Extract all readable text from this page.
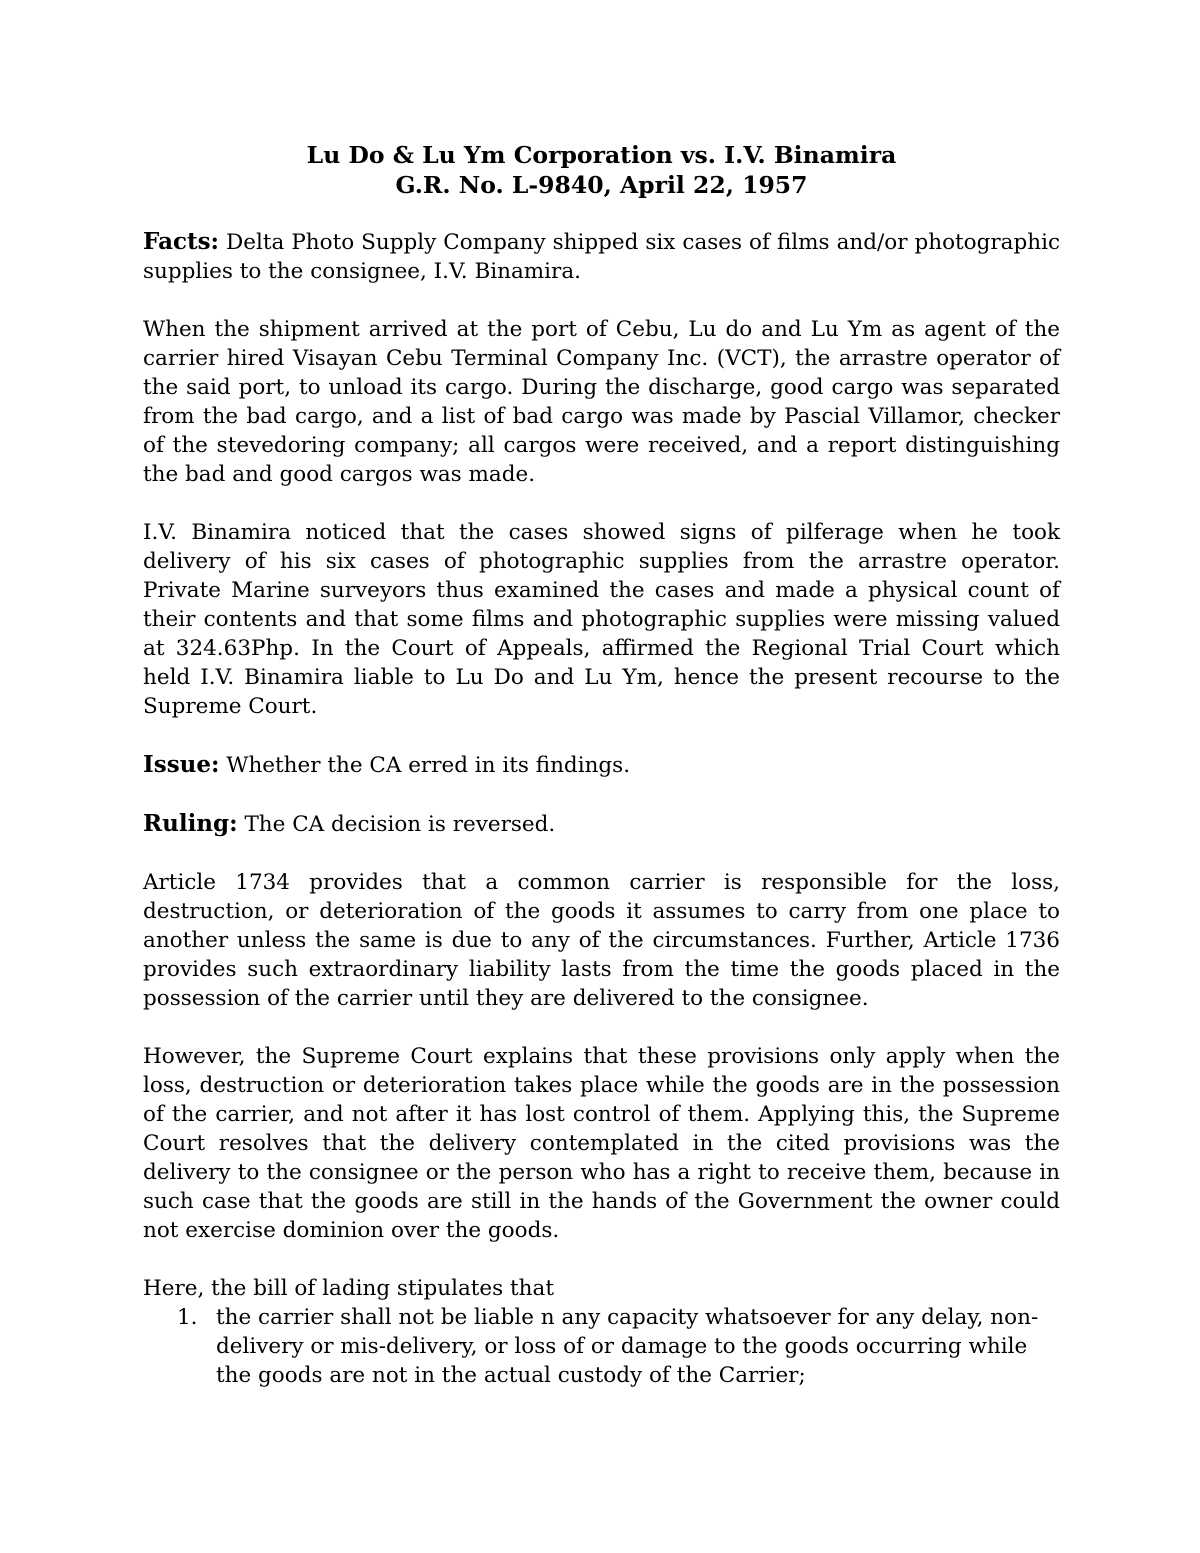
Lu Do & Lu Ym Corporation vs. I.V. Binamira
G.R. No. L-9840, April 22, 1957

Facts: Delta Photo Supply Company shipped six cases of films and/or photographic supplies to the consignee, I.V. Binamira.

When the shipment arrived at the port of Cebu, Lu do and Lu Ym as agent of the carrier hired Visayan Cebu Terminal Company Inc. (VCT), the arrastre operator of the said port, to unload its cargo. During the discharge, good cargo was separated from the bad cargo, and a list of bad cargo was made by Pascial Villamor, checker of the stevedoring company; all cargos were received, and a report distinguishing the bad and good cargos was made.

I.V. Binamira noticed that the cases showed signs of pilferage when he took delivery of his six cases of photographic supplies from the arrastre operator. Private Marine surveyors thus examined the cases and made a physical count of their contents and that some films and photographic supplies were missing valued at 324.63Php. In the Court of Appeals, affirmed the Regional Trial Court which held I.V. Binamira liable to Lu Do and Lu Ym, hence the present recourse to the Supreme Court.

Issue: Whether the CA erred in its findings.

Ruling: The CA decision is reversed.

Article 1734 provides that a common carrier is responsible for the loss, destruction, or deterioration of the goods it assumes to carry from one place to another unless the same is due to any of the circumstances. Further, Article 1736 provides such extraordinary liability lasts from the time the goods placed in the possession of the carrier until they are delivered to the consignee.

However, the Supreme Court explains that these provisions only apply when the loss, destruction or deterioration takes place while the goods are in the possession of the carrier, and not after it has lost control of them. Applying this, the Supreme Court resolves that the delivery contemplated in the cited provisions was the delivery to the consignee or the person who has a right to receive them, because in such case that the goods are still in the hands of the Government the owner could not exercise dominion over the goods.

Here, the bill of lading stipulates that

1. the carrier shall not be liable n any capacity whatsoever for any delay, non-delivery or mis-delivery, or loss of or damage to the goods occurring while the goods are not in the actual custody of the Carrier;
